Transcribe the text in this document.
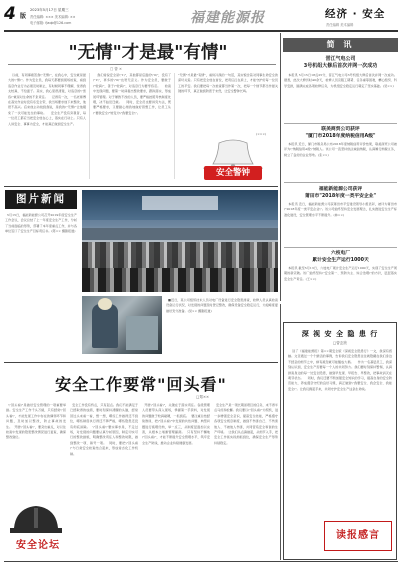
4 版
2023年5月17日 星期三
责任编辑: ××× 美术编辑: ××
电子邮箱: fjaqb@126.com	福建能源报	经济 · 安全
责任编辑 美术编辑
"无情"才是最"有情"
□ 曾 ×
以前，有同事抱怨我\"无情\"，在我心中，安全就是最大的\"情\"。作为安全员，我每天都要到现场检查，看到违章作业行为必须及时制止，有时候同事不理解，觉得我太较真，不给面子。其实，我心里很清楚，对违章的\"宽容\"就是对生命的不负责任。    记得有一次，一名老师傅在高处作业时没有系安全带，我当场要求他下来整改，他很不高兴。后来他主动找到我说，是我的\"无情\"让他避免了一次可能发生的事故。    安全生产没有旁观者，每一位员工都应当把安全放在心上，落实在行动上。只有人人讲安全、事事为安全，才能真正做到安全生产。
我们常说安全是\"1\"，其他都是后面的\"0\"，没有了\"1\"，再多的\"0\"也毫无意义。作为安全员，要敢于\"较真\"，善于\"较真\"，对违章行为要零容忍。    检查中发现问题，要第一时间提出整改要求，跟踪落实，形成闭环管理。对于屡教不改的人员，要严格按照考核制度处理，决不姑息迁就。    同时，安全员也要讲究方法，既要严格要求，又要耐心细致地做好思想工作，让员工从\"要我安全\"转变为\"我要安全\"。
"无情"才是最"有情"，看似冷漠的一句话，其实饱含着对同事生命安全的深切关爱。只有把安全放在首位，把责任扛在肩上，才能守护好每一位员工的平安。我们要把每一次检查都当作第一次，把每一个细节都当作最关键的环节，真正做到防患于未然，让安全警钟长鸣。
(×××)
安全警钟
简 讯
晋江气电公司
3号机组大修后首次并网一次成功
本报讯 5月15日18点25分，晋江气电公司3号机组大修后首次并网一次成功。据悉，此次大修历时40余天，检修人员克服工期紧、任务重等困难，精心组织、科学安排，圆满完成各项检修任务，为机组安全稳定运行奠定了坚实基础。(吴××)
联美商贸公司获评
"厦门市2018年度纳税信用A级"
本报讯 近日，厦门市税务局公布2018年度纳税信用评价结果，联美商贸公司被评为\"纳税信用A级\"纳税人。该公司一直坚持依法诚信纳税，认真履行纳税义务，树立了良好的企业形象。(张××)
福能新能源公司获评
莆田市"2018年度一类平安企业"
本报讯 近日，福能新能源公司获莆田市平安建设领导小组表彰，被评为莆田市\"2018年度一类平安企业\"。该公司始终坚持安全发展理念，扎实推进安全生产标准化建设，安全管理水平不断提升。(林××)
六枝电厂
累计安全生产运行1000天
本报讯 截至5月13日，六枝电厂累计安全生产运行1000天，实现了安全生产周期的新突破。该厂始终坚持\"安全第一、预防为主、综合治理\"的方针，层层落实安全生产责任。(王××)
图片新闻
5月15日，福能新能源公司召开2019年度安全生产工作会议，会议总结了上一年度安全生产工作，分析了当前面临的形势，部署了本年度重点工作，并与各单位签订了安全生产目标责任书。(陈×× 摄影报道)
■近日，某公司组织技术人员对电厂设备进行安全隐患排查，检修人员认真检查设备运行状况，对发现的问题及时登记整改，确保设备安全稳定运行，为迎峰度夏做好充分准备。(吴×× 摄影报道)
安全工作要常"回头看"
□郑××
\"回头看\"是做好安全管理的一项重要举措。安全生产工作千头万绪，只有经常\"回头看\"，才能发现工作中存在的薄弱环节和问题，及时加以整改，防止事故的发生。  开展\"回头看\"，要突出重点，对以往检查中发现的隐患整改情况进行复查，确保整改到位。
安全工作没有终点，只有起点。我们不能满足于已经取得的成绩，要时刻保持清醒的头脑，经常回过头来看一看，想一想，哪些工作做得还不到位，哪些制度执行得还不够严格，哪些隐患还没有彻底消除。  \"回头看\"要实事求是，不走过场，对发现的问题要认真分析原因，制定切实可行的整改措施，明确整改责任人和整改时限，做到整改一项、销号一项。  同时，要把\"回头看\"与日常安全检查结合起来，形成常态化工作机制。
开展\"回头看\"，关键在于落实责任。各级管理人员要带头深入现场，掌握第一手资料，对发现的问题敢于较真碰硬，一抓到底。  要注重总结经验教训，把\"回头看\"中发现的共性问题、典型问题进行梳理归纳，举一反三，从制度层面加以完善，从根本上堵塞管理漏洞。  只有坚持不懈地\"回头看\"，才能不断提升安全管理水平，筑牢安全生产防线，推动企业持续健康发展。
安全生产是一项长期而艰巨的任务，来不得半点马虎和松懈。我们要以\"回头看\"为契机，进一步增强安全意识，提高安全技能，严格遵守各项安全规章制度，做到不伤害自己、不伤害他人、不被他人伤害，共同营造安全和谐的生产环境。  让我们从点滴做起，从细节入手，把安全工作抓实抓细抓到位，确保安全生产形势持续稳定。
安全论坛
深 视 安 全 隐 患 行
□曾玄欣
读了《福建能源报》第××期安全版《深视安全隐患行》一文，我深有感触。文章通过一个个鲜活的事例，告诉我们安全隐患往往就隐藏在我们身边不经意的细节之中，稍有疏忽就可能酿成大祸。    作为一名基层员工，我深刻认识到，安全生产需要每一个人的共同努力。我们要时刻保持警惕，认真排查身边的每一处安全隐患，做到早发现、早报告、早整改，把事故消灭在萌芽状态。    同时，我们还要不断加强安全知识的学习，提高自身的安全防范能力，养成遵章守纪的良好习惯，真正做到\"我要安全、我会安全、我能安全\"。让我们携起手来，共同守护安全生产这条生命线。
读报感言
